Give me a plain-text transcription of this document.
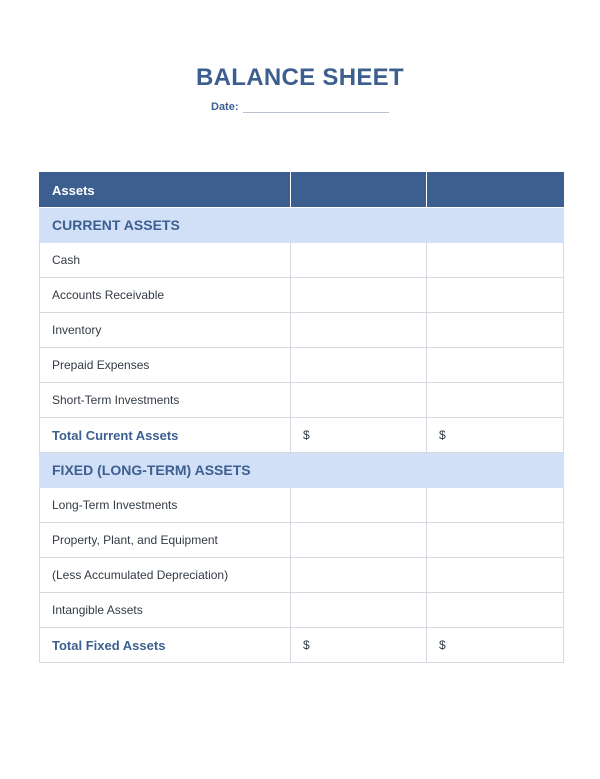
BALANCE SHEET
Date:
Assets		
CURRENT ASSETS		
Cash		
Accounts Receivable		
Inventory		
Prepaid Expenses		
Short-Term Investments		
Total Current Assets	$	$
FIXED (LONG-TERM) ASSETS		
Long-Term Investments		
Property, Plant, and Equipment		
(Less Accumulated Depreciation)		
Intangible Assets		
Total Fixed Assets	$	$
